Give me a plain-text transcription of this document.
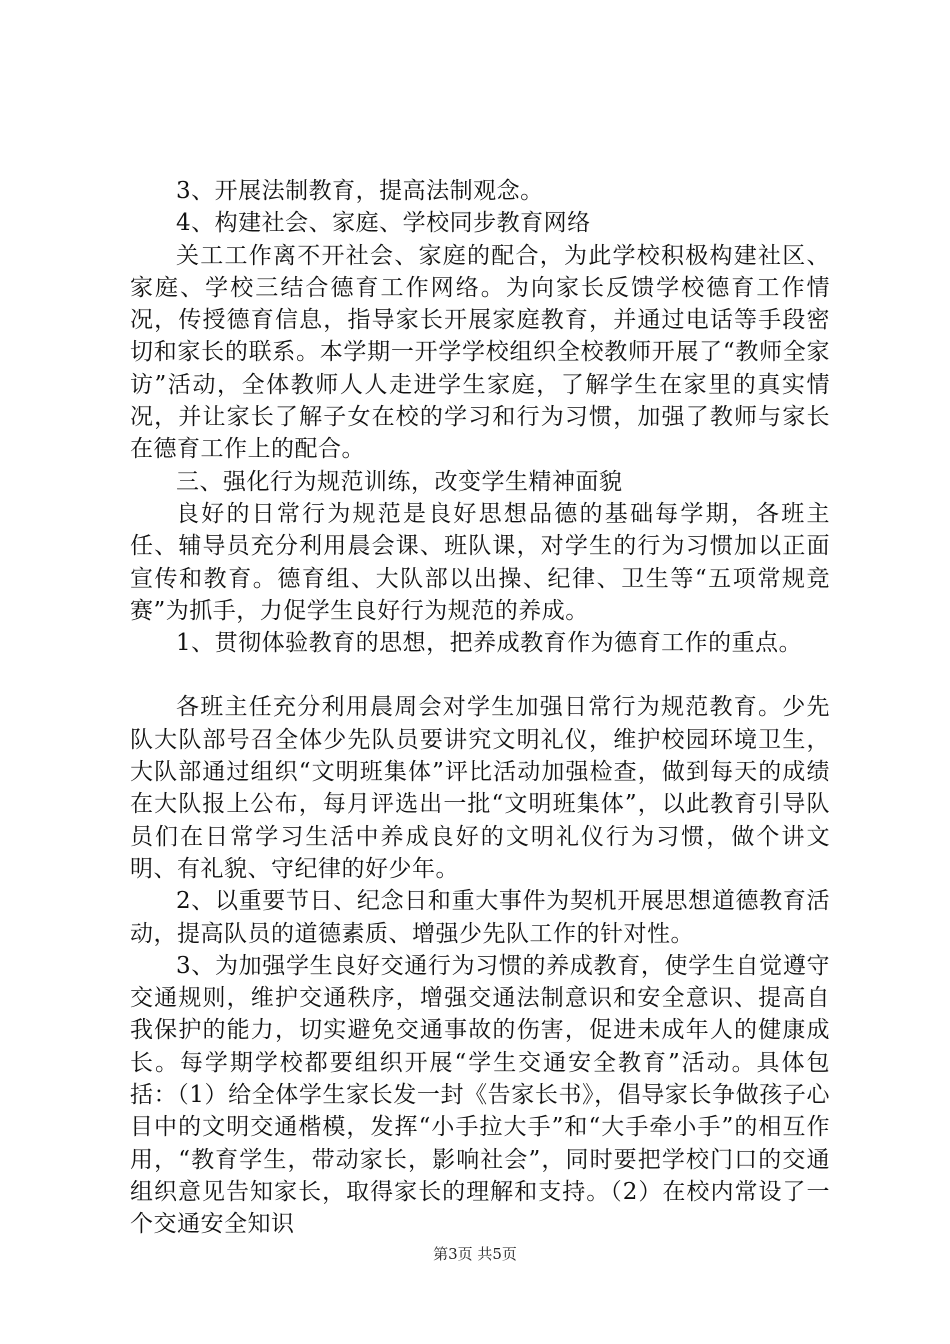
3、开展法制教育，提高法制观念。

4、构建社会、家庭、学校同步教育网络

关工工作离不开社会、家庭的配合，为此学校积极构建社区、家庭、学校三结合德育工作网络。为向家长反馈学校德育工作情况，传授德育信息，指导家长开展家庭教育，并通过电话等手段密切和家长的联系。本学期一开学学校组织全校教师开展了“教师全家访”活动，全体教师人人走进学生家庭，了解学生在家里的真实情况，并让家长了解子女在校的学习和行为习惯，加强了教师与家长在德育工作上的配合。

三、强化行为规范训练，改变学生精神面貌

良好的日常行为规范是良好思想品德的基础每学期，各班主任、辅导员充分利用晨会课、班队课，对学生的行为习惯加以正面宣传和教育。德育组、大队部以出操、纪律、卫生等“五项常规竞赛”为抓手，力促学生良好行为规范的养成。

1、贯彻体验教育的思想，把养成教育作为德育工作的重点。

各班主任充分利用晨周会对学生加强日常行为规范教育。少先队大队部号召全体少先队员要讲究文明礼仪，维护校园环境卫生，大队部通过组织“文明班集体”评比活动加强检查，做到每天的成绩在大队报上公布，每月评选出一批“文明班集体”，以此教育引导队员们在日常学习生活中养成良好的文明礼仪行为习惯，做个讲文明、有礼貌、守纪律的好少年。

2、以重要节日、纪念日和重大事件为契机开展思想道德教育活动，提高队员的道德素质、增强少先队工作的针对性。

3、为加强学生良好交通行为习惯的养成教育，使学生自觉遵守交通规则，维护交通秩序，增强交通法制意识和安全意识、提高自我保护的能力，切实避免交通事故的伤害，促进未成年人的健康成长。每学期学校都要组织开展“学生交通安全教育”活动。具体包括：（1）给全体学生家长发一封《告家长书》，倡导家长争做孩子心目中的文明交通楷模，发挥“小手拉大手”和“大手牵小手”的相互作用，“教育学生，带动家长，影响社会”，同时要把学校门口的交通组织意见告知家长，取得家长的理解和支持。（2）在校内常设了一个交通安全知识

第3页 共5页
